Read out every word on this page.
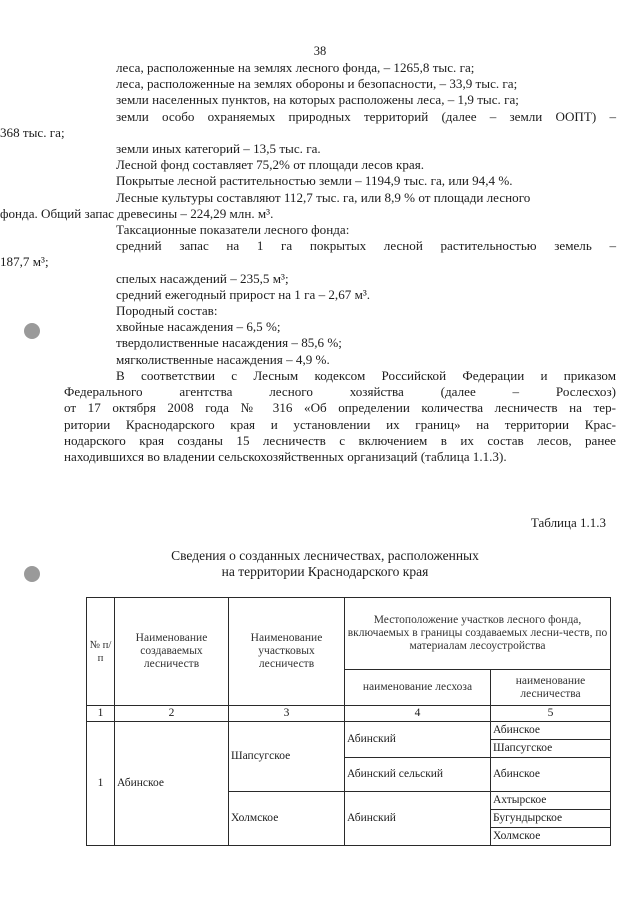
38

леса, расположенные на землях лесного фонда, – 1265,8 тыс. га;

леса, расположенные на землях обороны и безопасности, – 33,9 тыс. га;

земли населенных пунктов, на которых расположены леса, – 1,9 тыс. га;

земли особо охраняемых природных территорий (далее – земли ООПТ) –

368 тыс. га;

земли иных категорий – 13,5 тыс. га.

Лесной фонд составляет 75,2% от площади лесов края.

Покрытые лесной растительностью земли – 1194,9 тыс. га, или 94,4 %.

Лесные культуры составляют 112,7 тыс. га, или 8,9 % от площади лесного

фонда. Общий запас древесины – 224,29 млн. м³.

Таксационные показатели лесного фонда:

средний запас на 1 га покрытых лесной растительностью земель –

187,7 м³;

спелых насаждений – 235,5 м³;

средний ежегодный прирост на 1 га – 2,67 м³.

Породный состав:

хвойные насаждения – 6,5 %;

твердолиственные насаждения – 85,6 %;

мягколиственные насаждения – 4,9 %.

В соответствии с Лесным кодексом Российской Федерации и приказом

Федерального агентства лесного хозяйства (далее – Рослесхоз)

от 17 октября 2008 года № 316 «Об определении количества лесничеств на тер-

ритории Краснодарского края и установлении их границ» на территории Крас-

нодарского края созданы 15 лесничеств с включением в их состав лесов, ранее

находившихся во владении сельскохозяйственных организаций (таблица 1.1.3).

Таблица 1.1.3
Сведения о созданных лесничествах, расположенных
на территории Краснодарского края
№ п/п	Наименование создаваемых лесничеств	Наименование участковых лесничеств	Местоположение участков лесного фонда, включаемых в границы создаваемых лесни-честв, по материалам лесоустройства	
			наименование лесхоза	наименование лесничества
1	2	3	4	5
1	Абинское	Шапсугское	Абинский	Абинское
				Шапсугское
			Абинский сельский	Абинское
		Холмское	Абинский	Ахтырское
				Бугундырское
				Холмское
